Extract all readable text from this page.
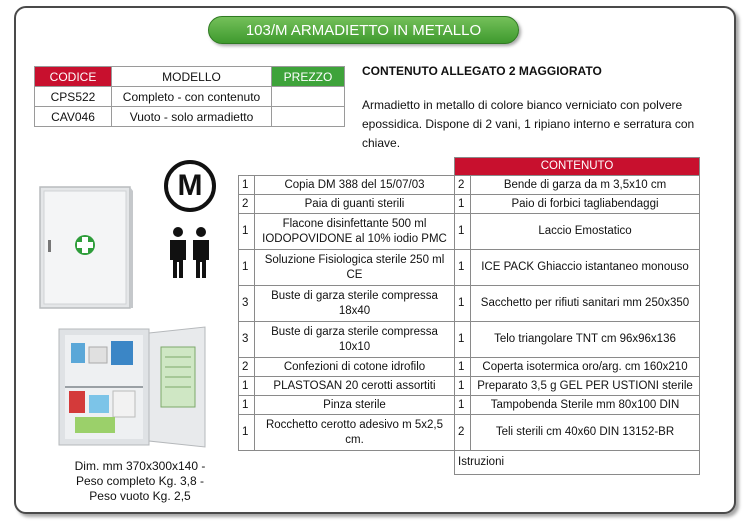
103/M ARMADIETTO IN METALLO
CODICE	MODELLO	PREZZO
CPS522	Completo - con contenuto	
CAV046	Vuoto - solo armadietto	
CONTENUTO ALLEGATO 2 MAGGIORATO
Armadietto in metallo di colore bianco verniciato con polvere epossidica. Dispone di 2 vani, 1 ripiano interno e serratura con chiave.
M
		CONTENUTO	
1	Copia DM 388 del 15/07/03	2	Bende di garza da m 3,5x10 cm
2	Paia di guanti sterili	1	Paio di forbici tagliabendaggi
1	Flacone disinfettante 500 ml IODOPOVIDONE al 10% iodio PMC	1	Laccio Emostatico
1	Soluzione Fisiologica sterile 250 ml CE	1	ICE PACK Ghiaccio istantaneo monouso
3	Buste di garza sterile compressa 18x40	1	Sacchetto per rifiuti sanitari mm 250x350
3	Buste di garza sterile compressa 10x10	1	Telo triangolare TNT cm 96x96x136
2	Confezioni di cotone idrofilo	1	Coperta isotermica oro/arg. cm 160x210
1	PLASTOSAN 20 cerotti assortiti	1	Preparato 3,5 g GEL PER USTIONI sterile
1	Pinza sterile	1	Tampobenda Sterile mm 80x100 DIN
1	Rocchetto cerotto adesivo m 5x2,5 cm.	2	Teli sterili cm 40x60 DIN 13152-BR
		Istruzioni	
Dim. mm 370x300x140 -
Peso completo Kg. 3,8 -
Peso vuoto Kg. 2,5
